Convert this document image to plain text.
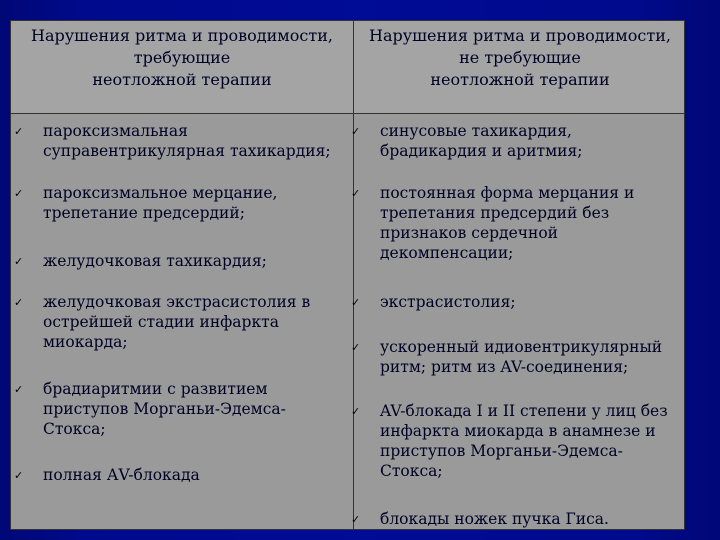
Нарушения ритма и проводимости,
требующие
неотложной терапии
Нарушения ритма и проводимости,
не требующие
неотложной терапии
✓ пароксизмальная
суправентрикулярная тахикардия;
✓ пароксизмальное мерцание,
трепетание предсердий;
✓ желудочковая тахикардия;
✓ желудочковая экстрасистолия в
острейшей стадии инфаркта
миокарда;
✓ брадиаритмии с развитием
приступов Морганьи-Эдемса-
Стокса;
✓ полная АV-блокада
✓ синусовые тахикардия,
брадикардия и аритмия;
✓ постоянная форма мерцания и
трепетания предсердий без
признаков сердечной
декомпенсации;
✓ экстрасистолия;
✓ ускоренный идиовентрикулярный
ритм; ритм из AV-соединения;
✓ AV-блокада I и II степени у лиц без
инфаркта миокарда в анамнезе и
приступов Морганьи-Эдемса-
Стокса;
✓ блокады ножек пучка Гиса.
